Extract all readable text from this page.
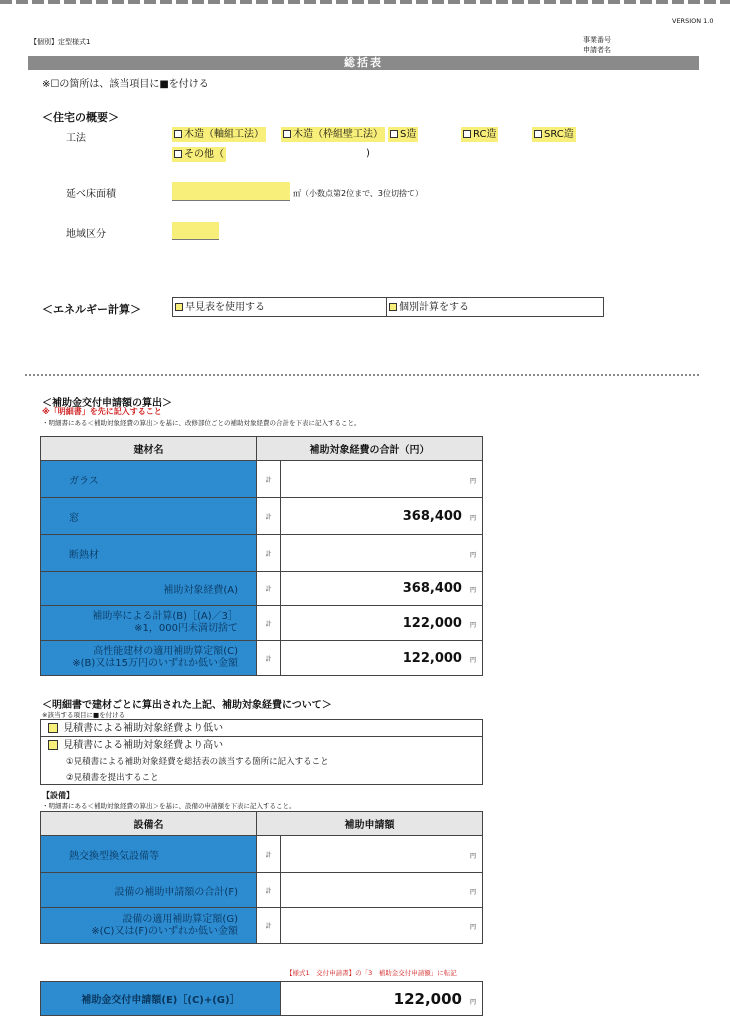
VERSION 1.0
【個別】定型様式1	事業番号
申請者名
総括表
※☐の箇所は、該当項目に■を付ける
＜住宅の概要＞
工法	木造（軸組工法）	木造（枠組壁工法）	S造	RC造	SRC造
その他（	)
延べ床面積	㎡（小数点第2位まで、3位切捨て）
地域区分
＜エネルギー計算＞	早見表を使用する	個別計算をする
＜補助金交付申請額の算出＞
※「明細書」を先に記入すること
・明細書にある＜補助対象経費の算出＞を基に、改修部位ごとの補助対象経費の合計を下表に記入すること。
建材名	補助対象経費の合計（円）	
ガラス	計	円
窓	計	368,400 円
断熱材	計	円
補助対象経費(A)	計	368,400 円

補助率による計算(B)［(A)／3］
※1，000円未満切捨て	計	122,000 円

高性能建材の適用補助算定額(C)
※(B)又は15万円のいずれか低い金額	計	122,000 円
＜明細書で建材ごとに算出された上記、補助対象経費について＞
※該当する項目に■を付ける
見積書による補助対象経費より低い
見積書による補助対象経費より高い
①見積書による補助対象経費を総括表の該当する箇所に記入すること
②見積書を提出すること
【設備】
・明細書にある＜補助対象経費の算出＞を基に、設備の申請額を下表に記入すること。
設備名	補助申請額	
熱交換型換気設備等	計	円
設備の補助申請額の合計(F)	計	円

設備の適用補助算定額(G)
※(C)又は(F)のいずれか低い金額	計	円
【様式1　交付申請書】の「3　補助金交付申請額」に転記
補助金交付申請額(E)［(C)+(G)］	122,000 円
